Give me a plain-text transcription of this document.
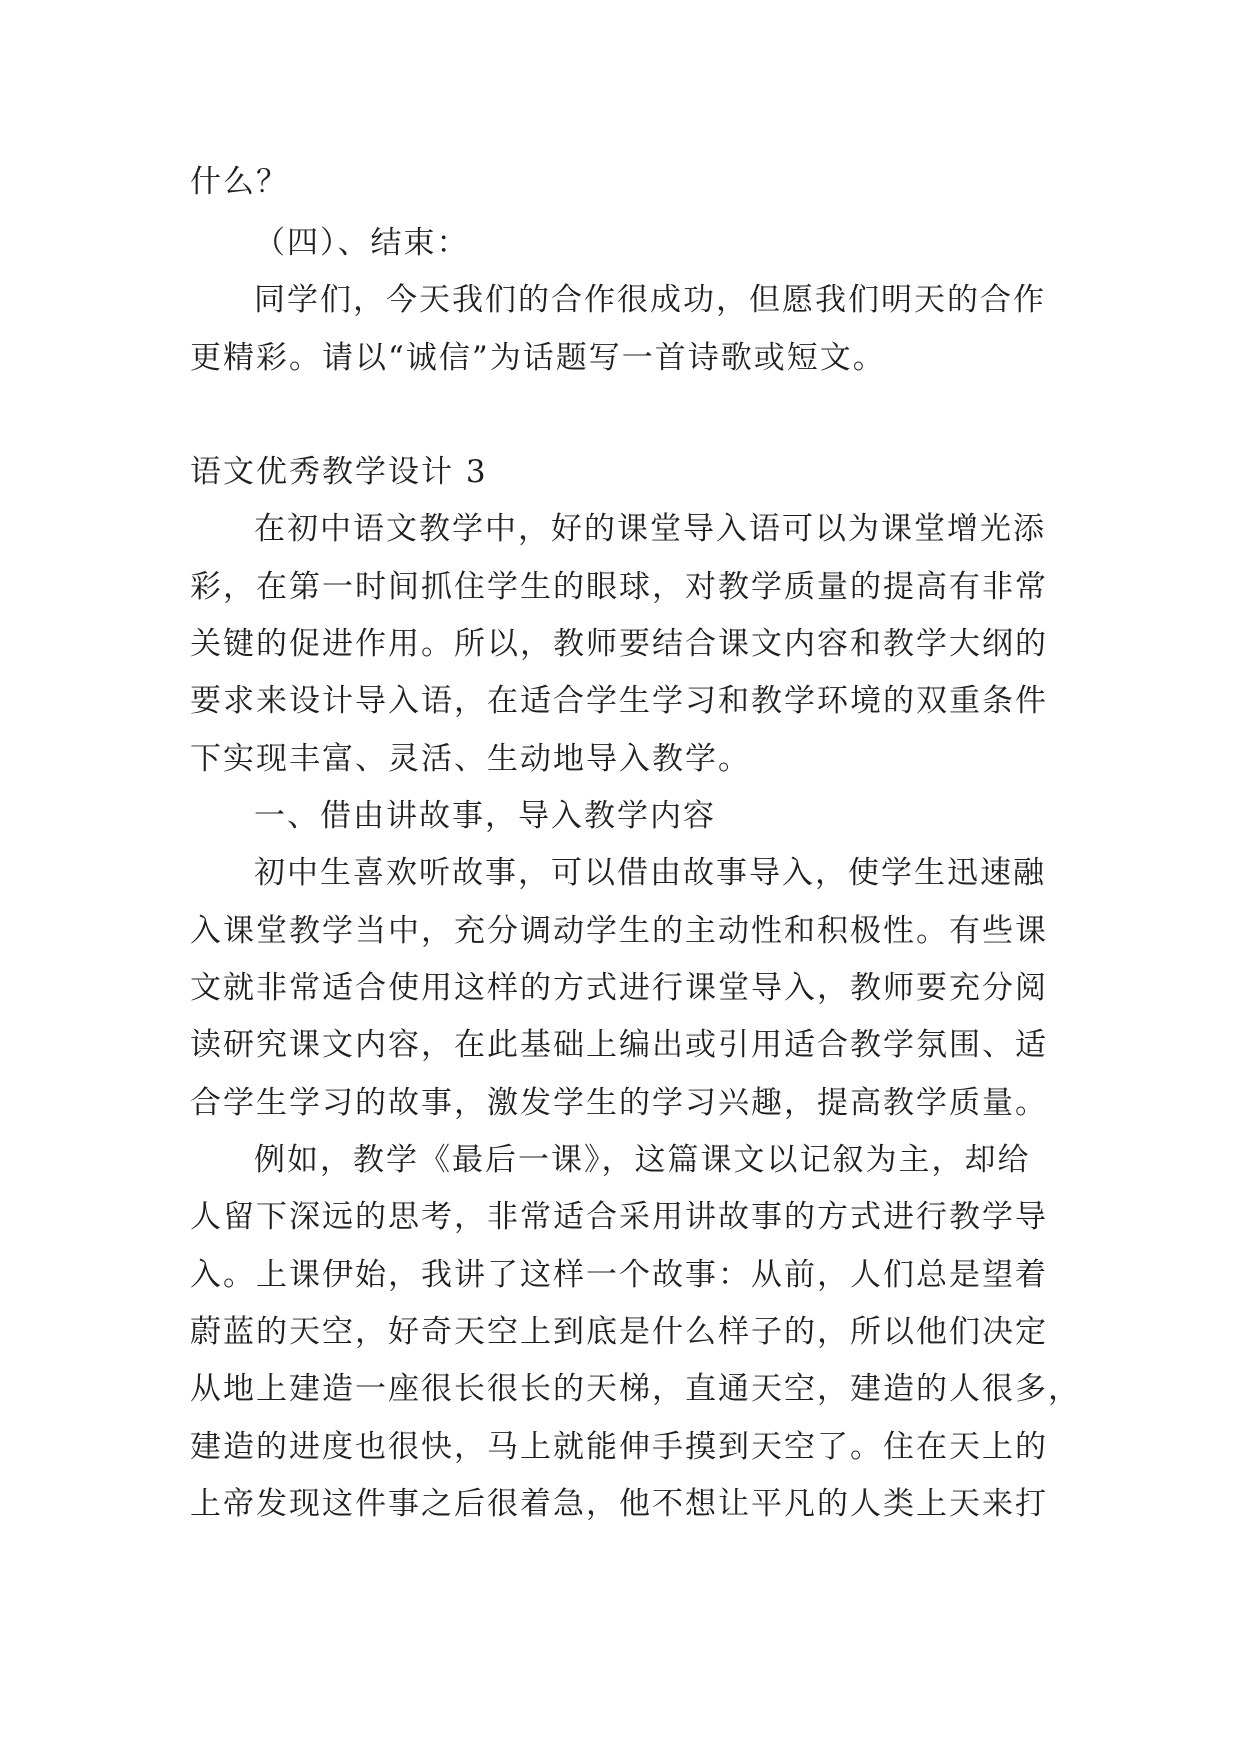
什么？

（四）、结束：

同学们，今天我们的合作很成功，但愿我们明天的合作

更精彩。请以“诚信”为话题写一首诗歌或短文。

语文优秀教学设计 3

在初中语文教学中，好的课堂导入语可以为课堂增光添

彩，在第一时间抓住学生的眼球，对教学质量的提高有非常

关键的促进作用。所以，教师要结合课文内容和教学大纲的

要求来设计导入语，在适合学生学习和教学环境的双重条件

下实现丰富、灵活、生动地导入教学。

一、借由讲故事，导入教学内容

初中生喜欢听故事，可以借由故事导入，使学生迅速融

入课堂教学当中，充分调动学生的主动性和积极性。有些课

文就非常适合使用这样的方式进行课堂导入，教师要充分阅

读研究课文内容，在此基础上编出或引用适合教学氛围、适

合学生学习的故事，激发学生的学习兴趣，提高教学质量。

例如，教学《最后一课》，这篇课文以记叙为主，却给

人留下深远的思考，非常适合采用讲故事的方式进行教学导

入。上课伊始，我讲了这样一个故事：从前，人们总是望着

蔚蓝的天空，好奇天空上到底是什么样子的，所以他们决定

从地上建造一座很长很长的天梯，直通天空，建造的人很多，

建造的进度也很快，马上就能伸手摸到天空了。住在天上的

上帝发现这件事之后很着急，他不想让平凡的人类上天来打
